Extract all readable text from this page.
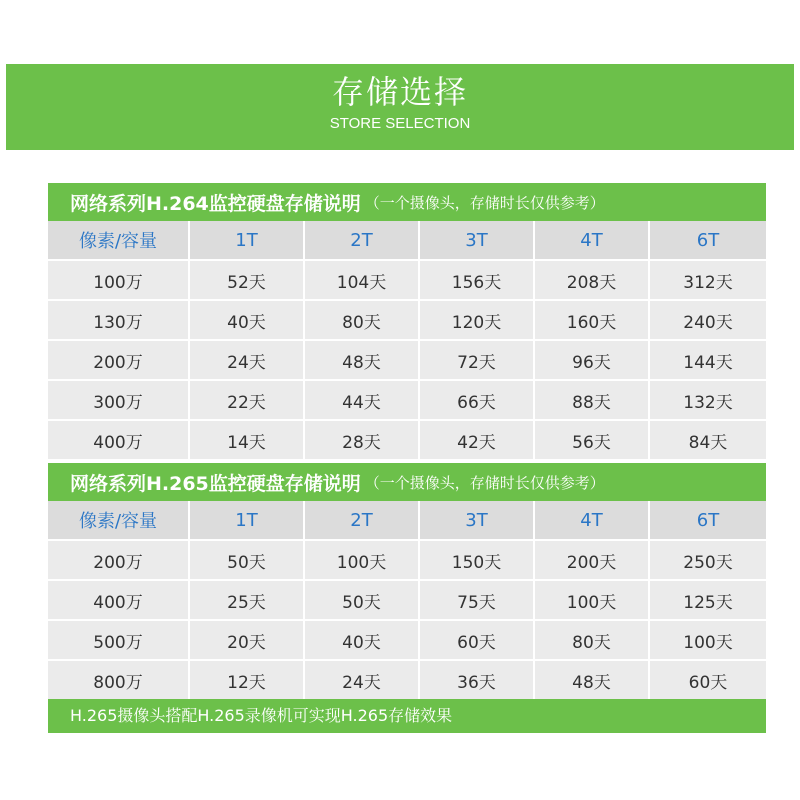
存储选择
STORE SELECTION
网络系列H.264监控硬盘存储说明 （一个摄像头，存储时长仅供参考）
像素/容量	1T	2T	3T	4T	6T
100万	52天	104天	156天	208天	312天
130万	40天	80天	120天	160天	240天
200万	24天	48天	72天	96天	144天
300万	22天	44天	66天	88天	132天
400万	14天	28天	42天	56天	84天
网络系列H.265监控硬盘存储说明 （一个摄像头，存储时长仅供参考）
像素/容量	1T	2T	3T	4T	6T
200万	50天	100天	150天	200天	250天
400万	25天	50天	75天	100天	125天
500万	20天	40天	60天	80天	100天
800万	12天	24天	36天	48天	60天
H.265摄像头搭配H.265录像机可实现H.265存储效果
